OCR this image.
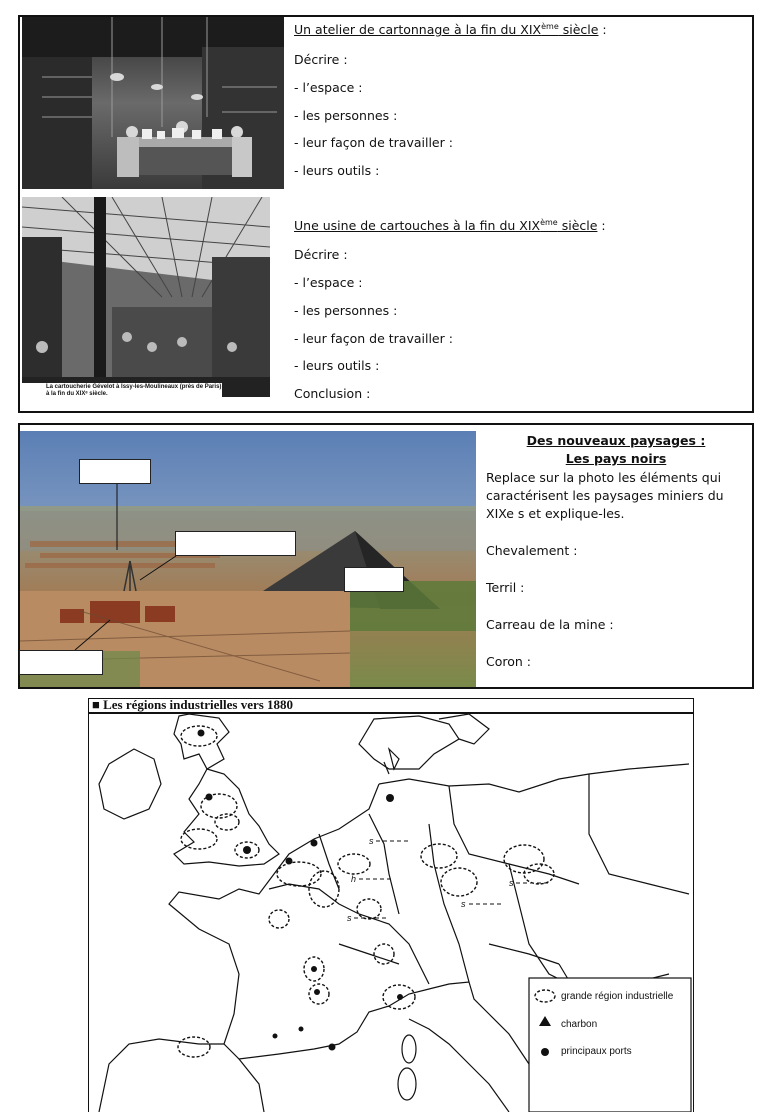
La cartoucherie Gévelot à Issy-les-Moulineaux (près de Paris)
à la fin du XIXᵉ siècle.
Un atelier de cartonnage à la fin du XIXème siècle :
Décrire :
- l’espace :
- les personnes :
- leur façon de travailler :
- leurs outils :
Une usine de cartouches à la fin du XIXème siècle :
Décrire :
- l’espace :
- les personnes :
- leur façon de travailler :
- leurs outils :
Conclusion :
Des nouveaux paysages :
Les pays noirs
Replace sur la photo les éléments qui
caractérisent les paysages miniers du
XIXe s et explique-les.
Chevalement :
Terril :
Carreau de la mine :
Coron :
■ Les régions industrielles vers 1880
s
h
s
s
s
grande région industrielle
charbon
principaux ports
